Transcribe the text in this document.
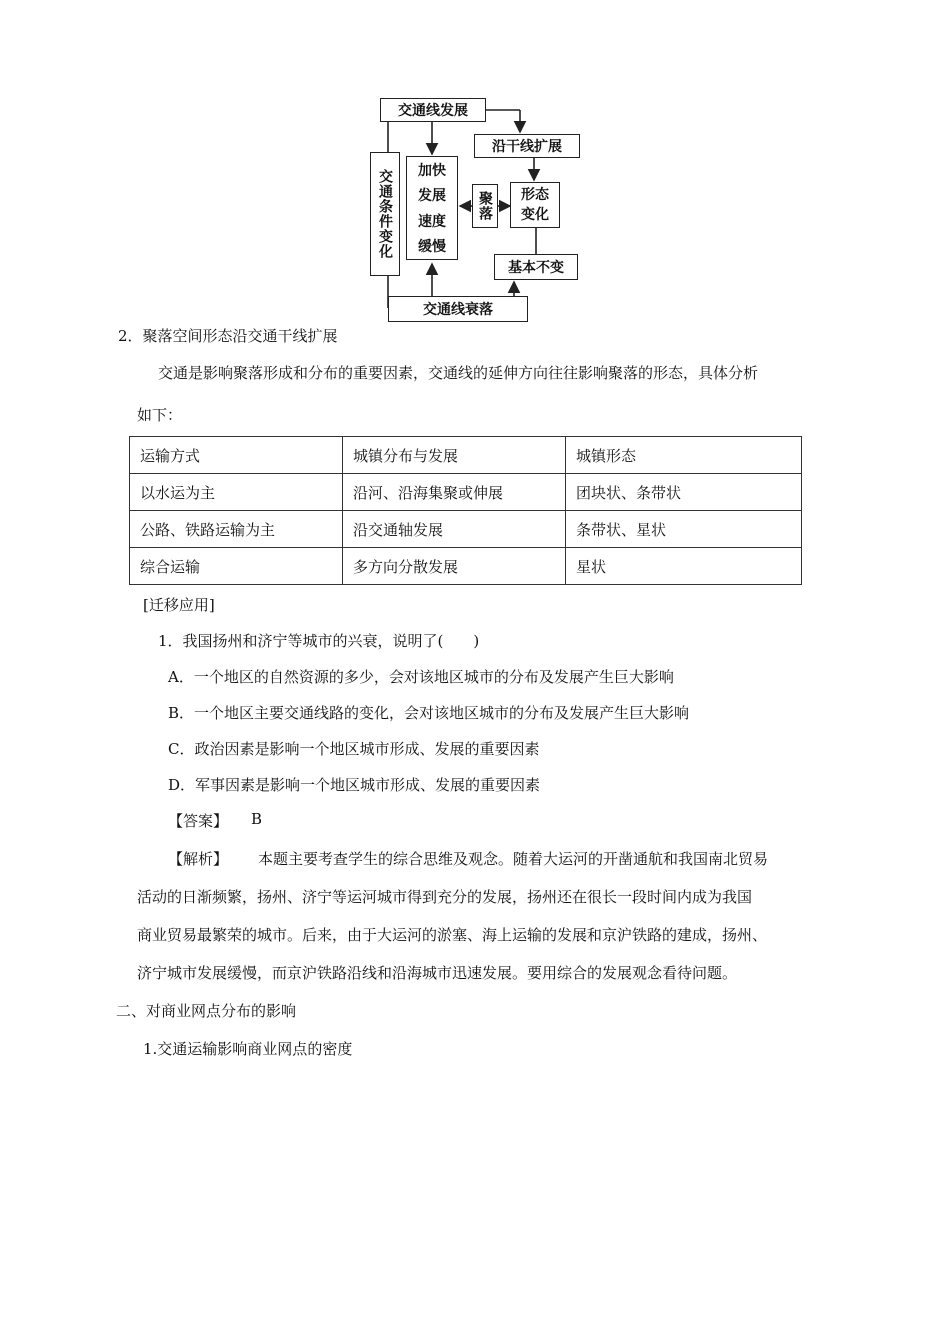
交通线发展
沿干线扩展
交通条件变化	加快
发展
速度
缓慢
聚落	形态
变化
基本不变
交通线衰落
2．聚落空间形态沿交通干线扩展
交通是影响聚落形成和分布的重要因素，交通线的延伸方向往往影响聚落的形态，具体分析
如下：
运输方式	城镇分布与发展	城镇形态
以水运为主	沿河、沿海集聚或伸展	团块状、条带状
公路、铁路运输为主	沿交通轴发展	条带状、星状
综合运输	多方向分散发展	星状
[迁移应用]
1．我国扬州和济宁等城市的兴衰，说明了(　　)
A．一个地区的自然资源的多少，会对该地区城市的分布及发展产生巨大影响
B．一个地区主要交通线路的变化，会对该地区城市的分布及发展产生巨大影响
C．政治因素是影响一个地区城市形成、发展的重要因素
D．军事因素是影响一个地区城市形成、发展的重要因素
【答案】 B
【解析】 本题主要考查学生的综合思维及观念。随着大运河的开凿通航和我国南北贸易
活动的日渐频繁，扬州、济宁等运河城市得到充分的发展，扬州还在很长一段时间内成为我国
商业贸易最繁荣的城市。后来，由于大运河的淤塞、海上运输的发展和京沪铁路的建成，扬州、
济宁城市发展缓慢，而京沪铁路沿线和沿海城市迅速发展。要用综合的发展观念看待问题。
二、对商业网点分布的影响
1.交通运输影响商业网点的密度
